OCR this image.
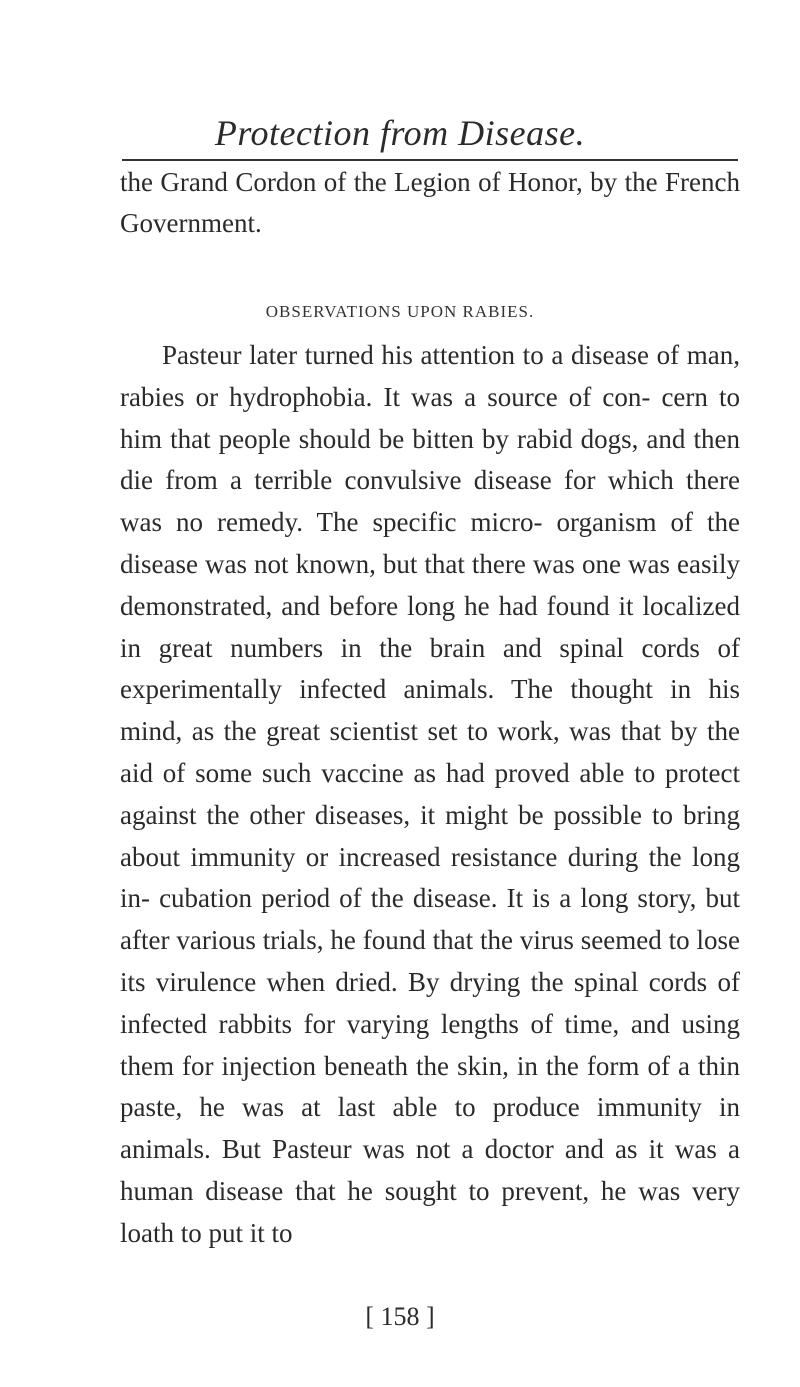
Protection from Disease.

the Grand Cordon of the Legion of Honor, by the French Government.

OBSERVATIONS UPON RABIES.

Pasteur later turned his attention to a disease of man, rabies or hydrophobia. It was a source of con- cern to him that people should be bitten by rabid dogs, and then die from a terrible convulsive disease for which there was no remedy. The specific micro- organism of the disease was not known, but that there was one was easily demonstrated, and before long he had found it localized in great numbers in the brain and spinal cords of experimentally infected animals. The thought in his mind, as the great scientist set to work, was that by the aid of some such vaccine as had proved able to protect against the other diseases, it might be possible to bring about immunity or increased resistance during the long in- cubation period of the disease. It is a long story, but after various trials, he found that the virus seemed to lose its virulence when dried. By drying the spinal cords of infected rabbits for varying lengths of time, and using them for injection beneath the skin, in the form of a thin paste, he was at last able to produce immunity in animals. But Pasteur was not a doctor and as it was a human disease that he sought to prevent, he was very loath to put it to

[ 158 ]
